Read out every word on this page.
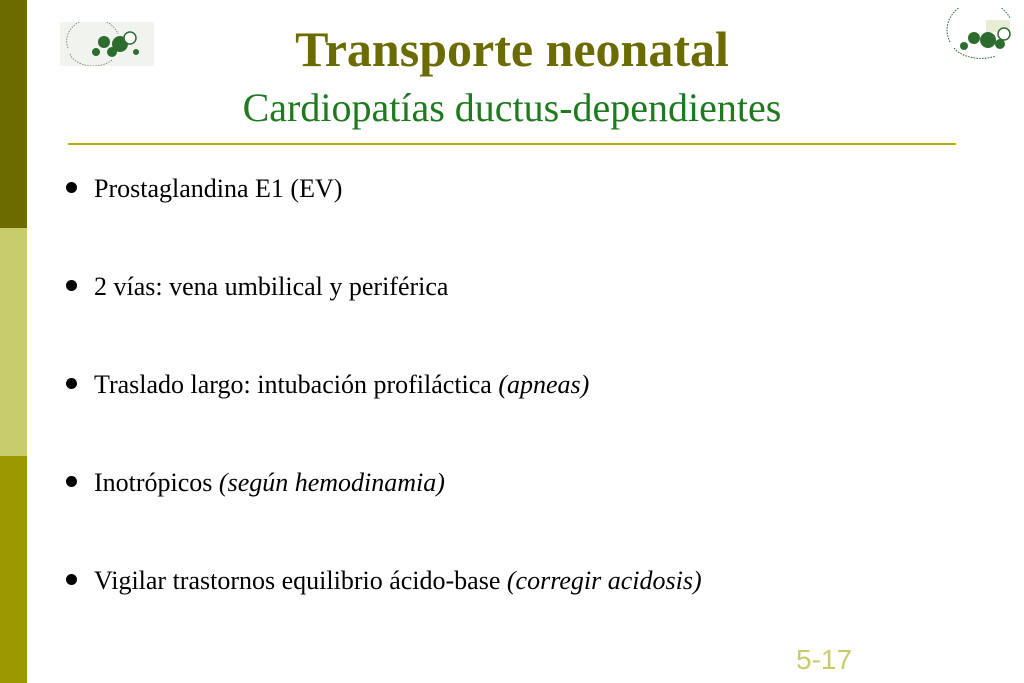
Transporte neonatal
Cardiopatías ductus-dependientes
Prostaglandina E1 (EV)
2 vías: vena umbilical y periférica
Traslado largo: intubación profiláctica (apneas)
Inotrópicos (según hemodinamia)
Vigilar trastornos equilibrio ácido-base (corregir acidosis)
5-17
